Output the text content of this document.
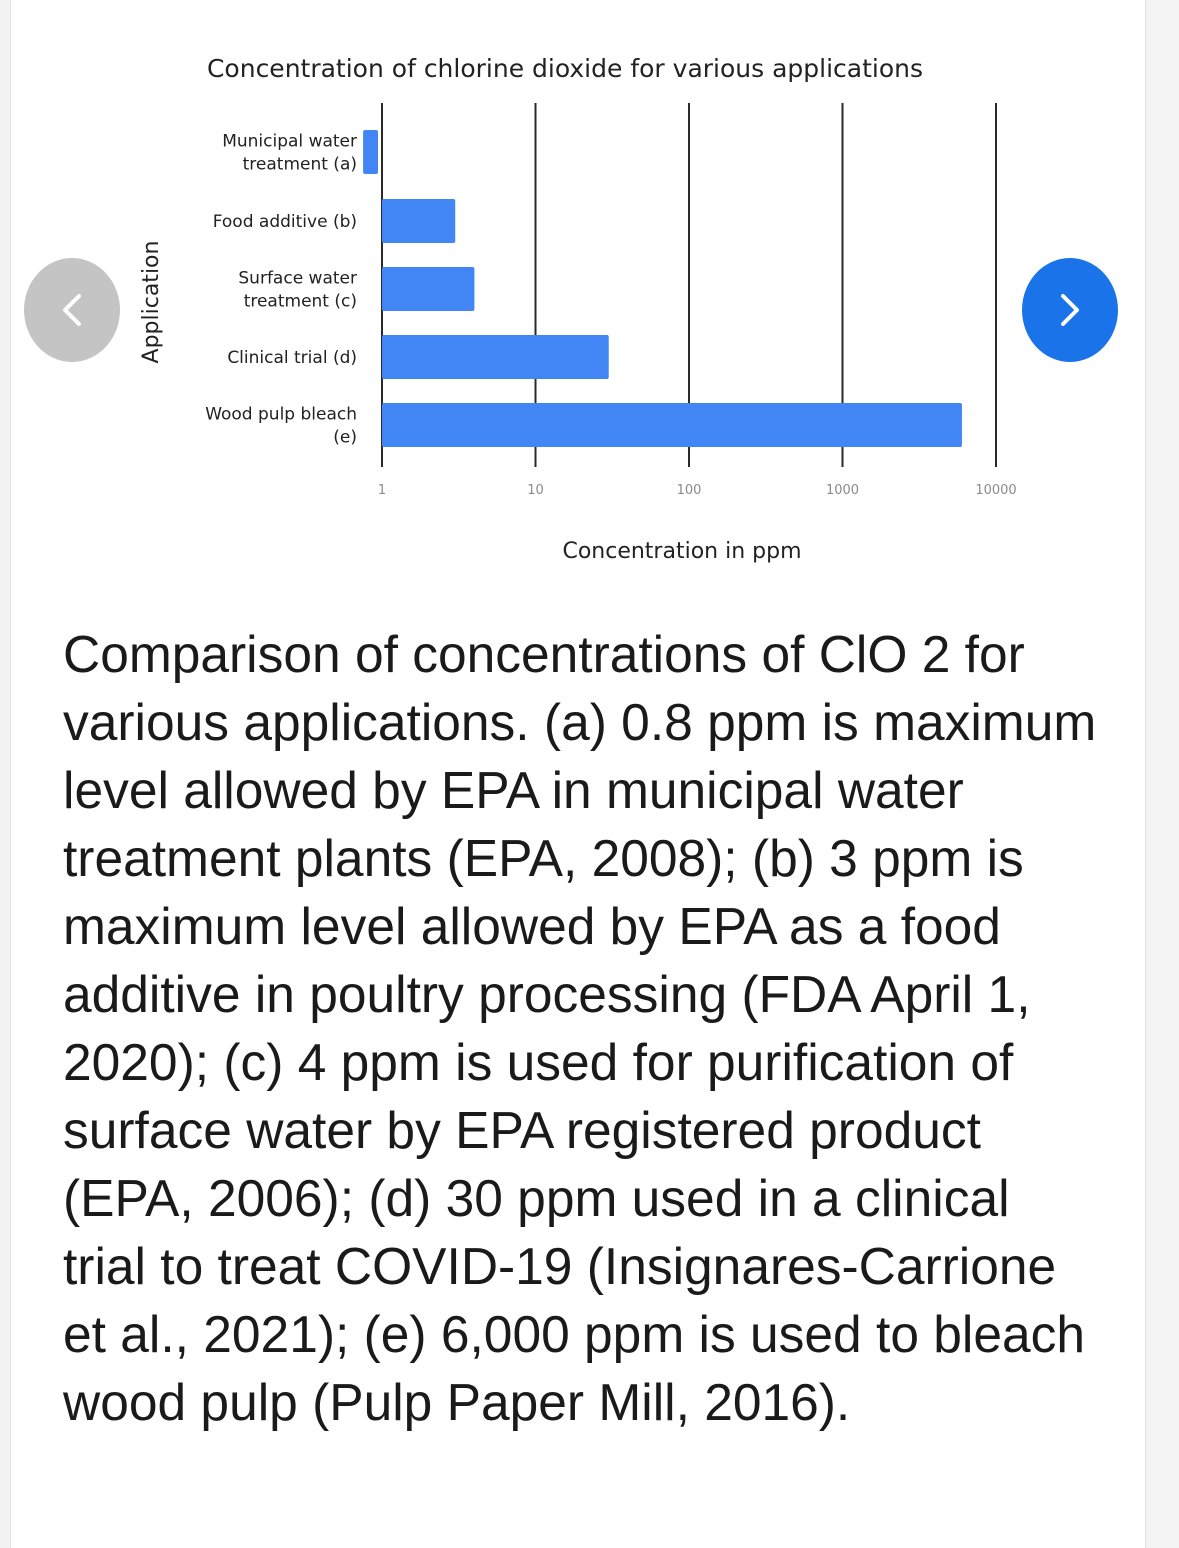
Concentration of chlorine dioxide for various applications
1	10	100	1000	10000
Municipal water
treatment (a)
Food additive (b)
Surface water
treatment (c)
Clinical trial (d)
Wood pulp bleach
(e)
Concentration in ppm
Application

Comparison of concentrations of ClO 2 for various applications. (a) 0.8 ppm is maximum level allowed by EPA in municipal water treatment plants (EPA, 2008); (b) 3 ppm is maximum level allowed by EPA as a food additive in poultry processing (FDA April 1, 2020); (c) 4 ppm is used for purification of surface water by EPA registered product (EPA, 2006); (d) 30 ppm used in a clinical trial to treat COVID-19 (Insignares-Carrione et al., 2021); (e) 6,000 ppm is used to bleach wood pulp (Pulp Paper Mill, 2016).
